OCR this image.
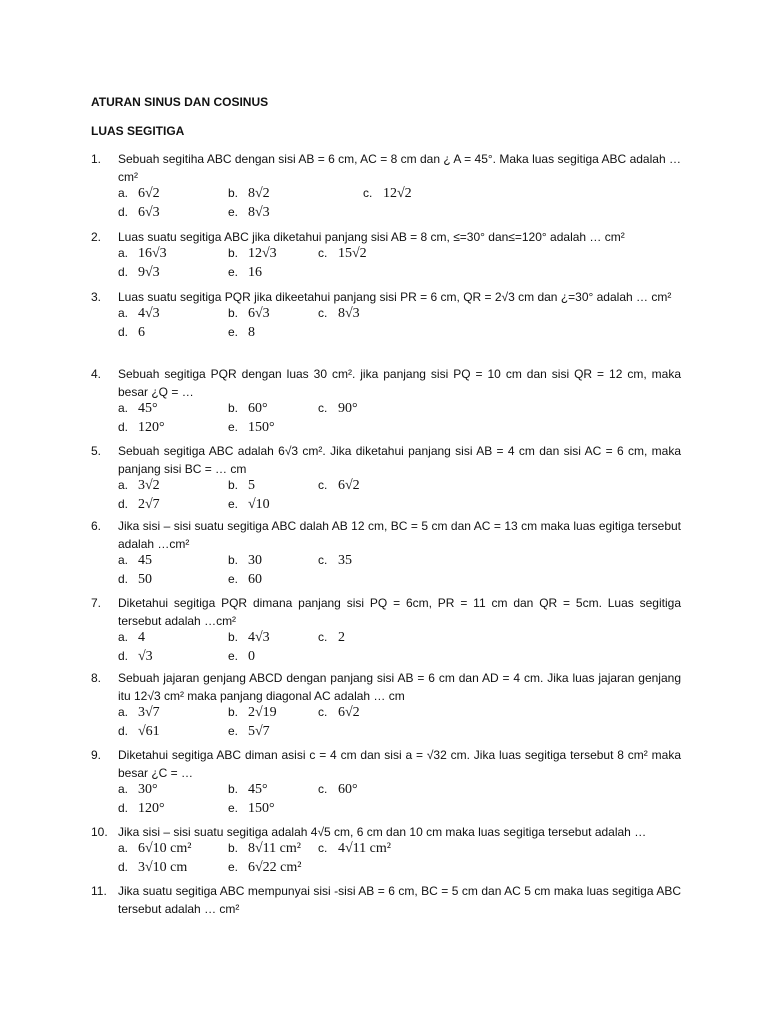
ATURAN SINUS DAN COSINUS
LUAS SEGITIGA
1. Sebuah segitiha ABC dengan sisi AB = 6 cm, AC = 8 cm dan ¿ A = 45°. Maka luas segitiga ABC adalah … cm²
a. 6√2	b. 8√2	c. 12√2
d. 6√3	e. 8√3
2. Luas suatu segitiga ABC jika diketahui panjang sisi AB = 8 cm, ≤=30° dan≤=120° adalah … cm²
a. 16√3	b. 12√3	c. 15√2
d. 9√3	e. 16
3. Luas suatu segitiga PQR jika dikeetahui panjang sisi PR = 6 cm, QR = 2√3 cm dan ¿=30° adalah … cm²
a. 4√3	b. 6√3	c. 8√3
d. 6	e. 8
4. Sebuah segitiga PQR dengan luas 30 cm². jika panjang sisi PQ = 10 cm dan sisi QR = 12 cm, maka besar ¿Q = …
a. 45°	b. 60°	c. 90°
d. 120°	e. 150°
5. Sebuah segitiga ABC adalah 6√3 cm². Jika diketahui panjang sisi AB = 4 cm dan sisi AC = 6 cm, maka panjang sisi BC = … cm
a. 3√2	b. 5	c. 6√2
d. 2√7	e. √10
6. Jika sisi – sisi suatu segitiga ABC dalah AB 12 cm, BC = 5 cm dan AC = 13 cm maka luas egitiga tersebut adalah …cm²
a. 45	b. 30	c. 35
d. 50	e. 60
7. Diketahui segitiga PQR dimana panjang sisi PQ = 6cm, PR = 11 cm dan QR = 5cm. Luas segitiga tersebut adalah …cm²
a. 4	b. 4√3	c. 2
d. √3	e. 0
8. Sebuah jajaran genjang ABCD dengan panjang sisi AB = 6 cm dan AD = 4 cm. Jika luas jajaran genjang itu 12√3 cm² maka panjang diagonal AC adalah … cm
a. 3√7	b. 2√19	c. 6√2
d. √61	e. 5√7
9. Diketahui segitiga ABC diman asisi c = 4 cm dan sisi a = √32 cm. Jika luas segitiga tersebut 8 cm² maka besar ¿C = …
a. 30°	b. 45°	c. 60°
d. 120°	e. 150°
10. Jika sisi – sisi suatu segitiga adalah 4√5 cm, 6 cm dan 10 cm maka luas segitiga tersebut adalah …
a. 6√10 cm²	b. 8√11 cm² c. 4√11 cm²
d. 3√10 cm	e. 6√22 cm²
11. Jika suatu segitiga ABC mempunyai sisi -sisi AB = 6 cm, BC = 5 cm dan AC 5 cm maka luas segitiga ABC tersebut adalah … cm²
